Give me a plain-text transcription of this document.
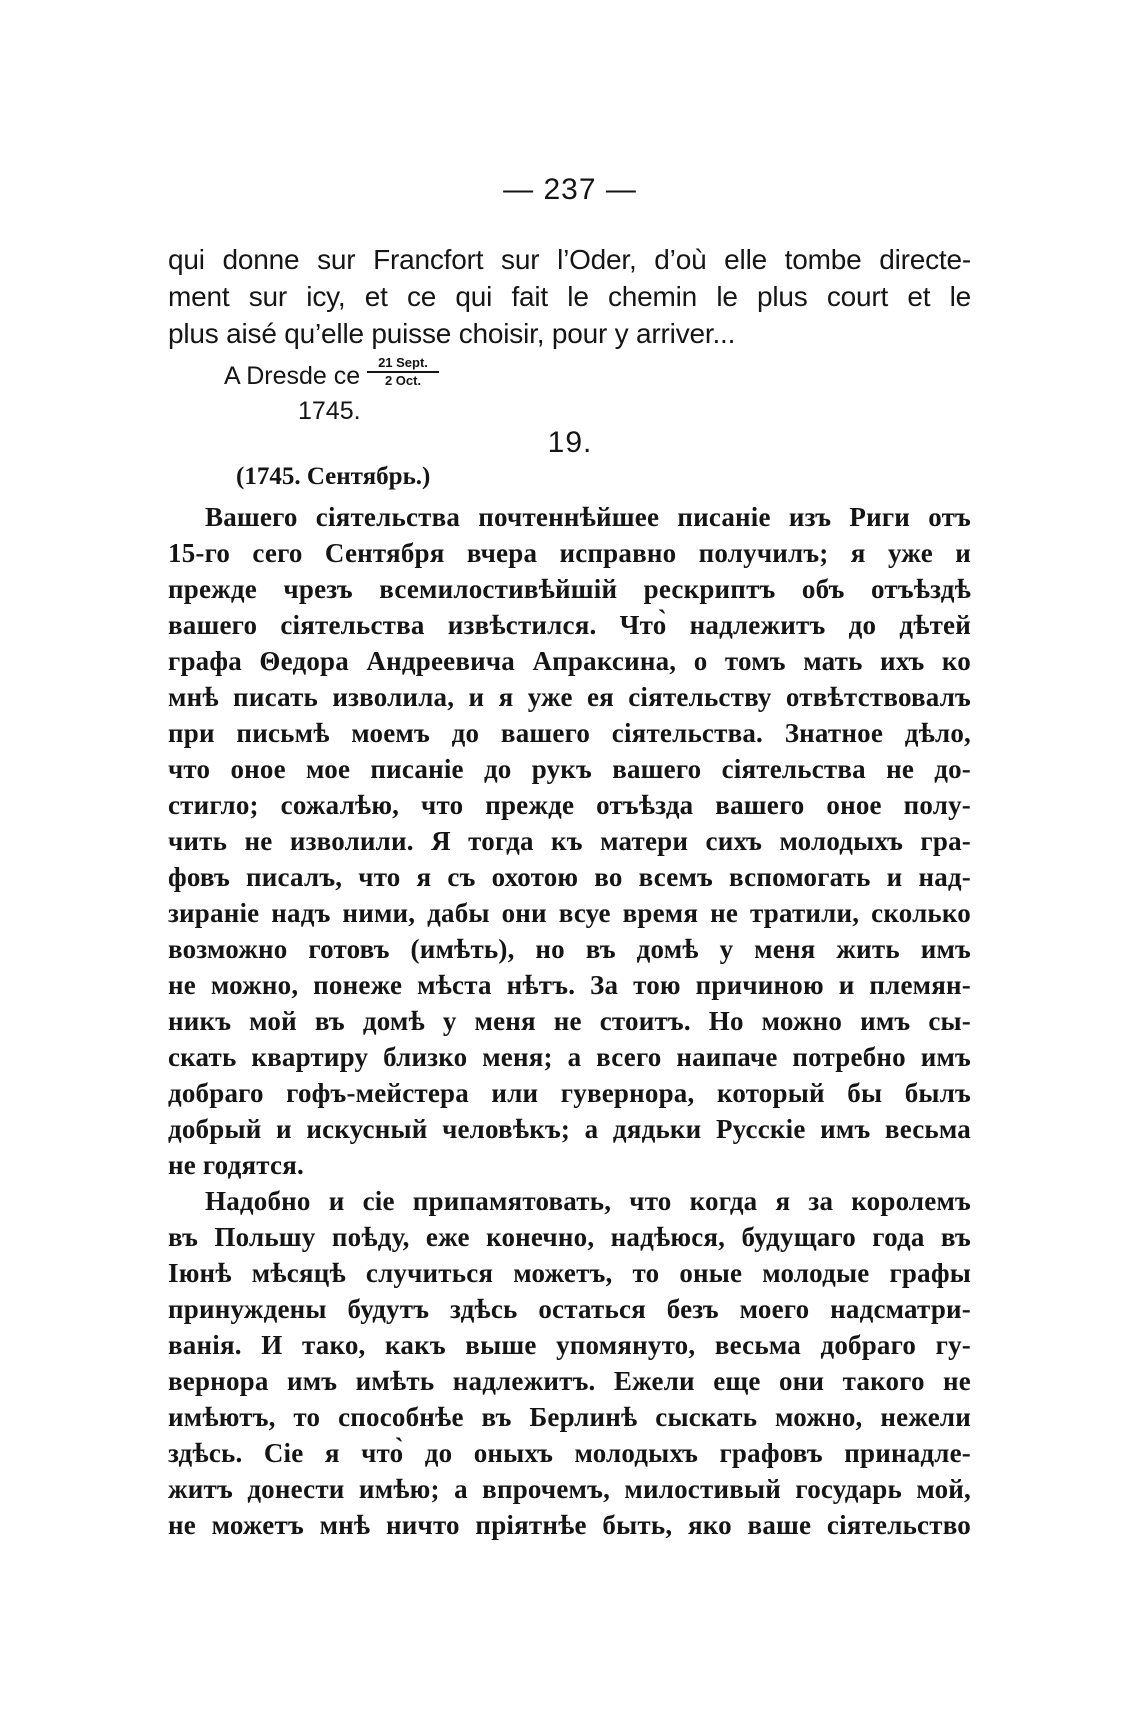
— 237 —
qui donne sur Francfort sur l’Oder, d’où elle tombe directe-
ment sur icy, et ce qui fait le chemin le plus court et le
plus aisé qu’elle puisse choisir, pour y arriver...
A Dresde ce	21 Sept.
2 Oct.
1745.
19.
(1745. Сентябрь.)
Вашего сіятельства почтеннѣйшее писаніе изъ Риги отъ
15-го сего Сентября вчера исправно получилъ; я уже и
прежде чрезъ всемилостивѣйшій рескриптъ объ отъѣздѣ
вашего сіятельства извѣстился. Что̀ надлежитъ до дѣтей
графа Θедора Андреевича Апраксина, о томъ мать ихъ ко
мнѣ писать изволила, и я уже ея сіятельству отвѣтствовалъ
при письмѣ моемъ до вашего сіятельства. Знатное дѣло,
что оное мое писаніе до рукъ вашего сіятельства не до-
стигло; сожалѣю, что прежде отъѣзда вашего оное полу-
чить не изволили. Я тогда къ матери сихъ молодыхъ гра-
фовъ писалъ, что я съ охотою во всемъ вспомогать и над-
зираніе надъ ними, дабы они всуе время не тратили, сколько
возможно готовъ (имѣть), но въ домѣ у меня жить имъ
не можно, понеже мѣста нѣтъ. За тою причиною и племян-
никъ мой въ домѣ у меня не стоитъ. Но можно имъ сы-
скать квартиру близко меня; а всего наипаче потребно имъ
добраго гофъ-мейстера или гувернора, который бы былъ
добрый и искусный человѣкъ; а дядьки Русскіе имъ весьма
не годятся.
Надобно и сіе припамятовать, что когда я за королемъ
въ Польшу поѣду, еже конечно, надѣюся, будущаго года въ
Іюнѣ мѣсяцѣ случиться можетъ, то оные молодые графы
принуждены будутъ здѣсь остаться безъ моего надсматри-
ванія. И тако, какъ выше упомянуто, весьма добраго гу-
вернора имъ имѣть надлежитъ. Ежели еще они такого не
имѣютъ, то способнѣе въ Берлинѣ сыскать можно, нежели
здѣсь. Сіе я что̀ до оныхъ молодыхъ графовъ принадле-
житъ донести имѣю; а впрочемъ, милостивый государь мой,
не можетъ мнѣ ничто пріятнѣе быть, яко ваше сіятельство
